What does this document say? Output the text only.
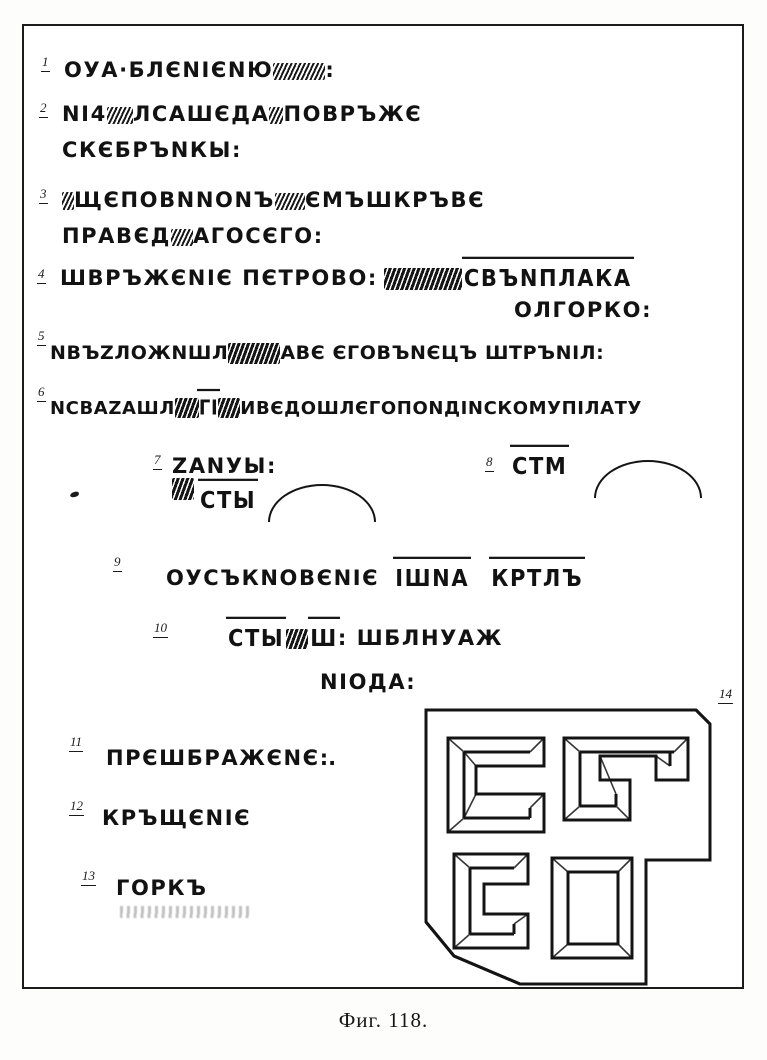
1 ОУА·БЛЄNIЄNЮ :
2 NI4 ЛСАШЄДА ПОВРЪЖЄ
СКЄБРЪNКЫ:
3	ЩЄПОВNNОNЪ ЄМЪШКРЪВЄ
ПРАВЄД АГОСЄГО:
4 ШВРЪЖЄNIЄ ПЄТРОВО:	СВЪNПЛАКА
ОЛГОРКО:
5
NВЪZЛОЖNШЛ	АВЄ ЄГОВЪNЄЦЪ ШТРЪNIЛ:
6
NСВАZАШЛ ГІ ИВЄДОШЛЄГОПОNДINСКОМУПIЛАТУ
7 ZАNУЫ:
СТЫ
8 СТМ
9
ОУСЪКNОВЄNIЄ IШNА КРТЛЪ
10	СТЫ Ш: ШБЛНУАЖ
NIОДА:	14
11
ПРЄШБРАЖЄNЄ:.
12
КРЪЩЄNIЄ
13
ГОРКЪ
Фиг. 118.
